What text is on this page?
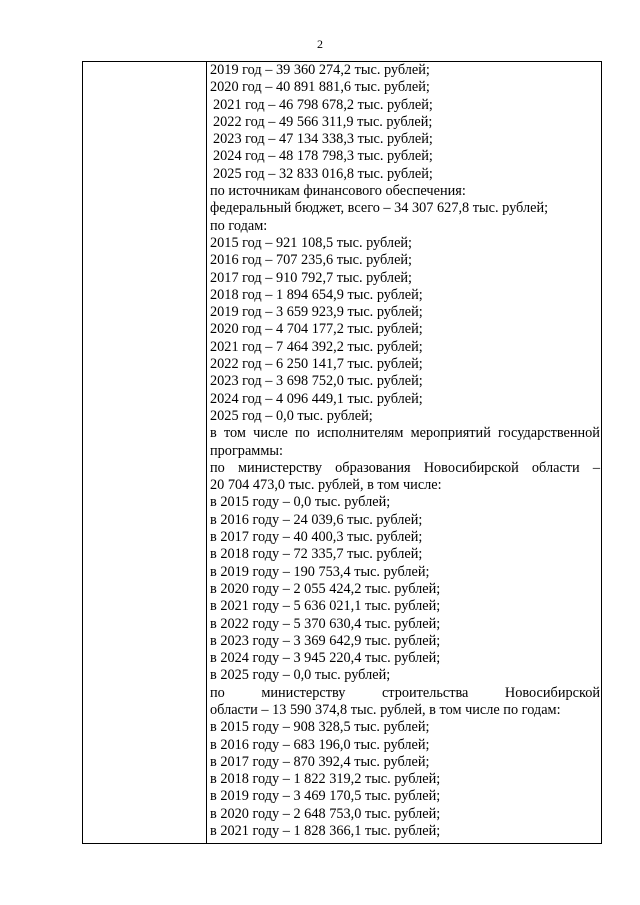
2
2019 год – 39 360 274,2 тыс. рублей;
2020 год – 40 891 881,6 тыс. рублей;
2021 год – 46 798 678,2 тыс. рублей;
2022 год – 49 566 311,9 тыс. рублей;
2023 год – 47 134 338,3 тыс. рублей;
2024 год – 48 178 798,3 тыс. рублей;
2025 год – 32 833 016,8 тыс. рублей;
по источникам финансового обеспечения:
федеральный бюджет, всего – 34 307 627,8 тыс. рублей;
по годам:
2015 год – 921 108,5 тыс. рублей;
2016 год – 707 235,6 тыс. рублей;
2017 год – 910 792,7 тыс. рублей;
2018 год – 1 894 654,9 тыс. рублей;
2019 год – 3 659 923,9 тыс. рублей;
2020 год – 4 704 177,2 тыс. рублей;
2021 год – 7 464 392,2 тыс. рублей;
2022 год – 6 250 141,7 тыс. рублей;
2023 год – 3 698 752,0 тыс. рублей;
2024 год – 4 096 449,1 тыс. рублей;
2025 год – 0,0 тыс. рублей;
в том числе по исполнителям мероприятий государственной
программы:
по министерству образования Новосибирской области –
20 704 473,0 тыс. рублей, в том числе:
в 2015 году – 0,0 тыс. рублей;
в 2016 году – 24 039,6 тыс. рублей;
в 2017 году – 40 400,3 тыс. рублей;
в 2018 году – 72 335,7 тыс. рублей;
в 2019 году – 190 753,4 тыс. рублей;
в 2020 году – 2 055 424,2 тыс. рублей;
в 2021 году – 5 636 021,1 тыс. рублей;
в 2022 году – 5 370 630,4 тыс. рублей;
в 2023 году – 3 369 642,9 тыс. рублей;
в 2024 году – 3 945 220,4 тыс. рублей;
в 2025 году – 0,0 тыс. рублей;
по	министерству	строительства	Новосибирской
области – 13 590 374,8 тыс. рублей, в том числе по годам:
в 2015 году – 908 328,5 тыс. рублей;
в 2016 году – 683 196,0 тыс. рублей;
в 2017 году – 870 392,4 тыс. рублей;
в 2018 году – 1 822 319,2 тыс. рублей;
в 2019 году – 3 469 170,5 тыс. рублей;
в 2020 году – 2 648 753,0 тыс. рублей;
в 2021 году – 1 828 366,1 тыс. рублей;
